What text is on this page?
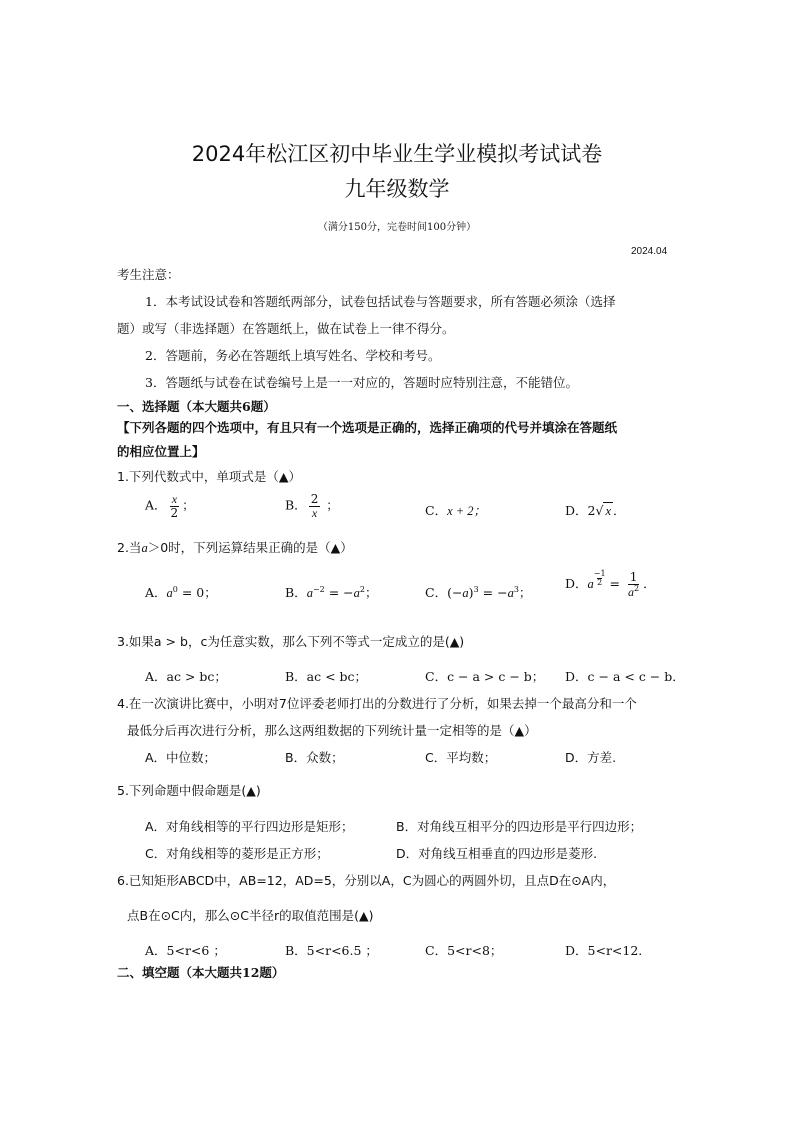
2024年松江区初中毕业生学业模拟考试试卷
九年级数学
（满分150分，完卷时间100分钟）
2024.04
考生注意：
1．本考试设试卷和答题纸两部分，试卷包括试卷与答题要求，所有答题必须涂（选择
题）或写（非选择题）在答题纸上，做在试卷上一律不得分。
2．答题前，务必在答题纸上填写姓名、学校和考号。
3．答题纸与试卷在试卷编号上是一一对应的，答题时应特别注意，不能错位。
一、选择题（本大题共6题）
【下列各题的四个选项中，有且只有一个选项是正确的，选择正确项的代号并填涂在答题纸
的相应位置上】
1.下列代数式中，单项式是（▲）
A． $\frac{x}{2}$ ；	B． $\frac{2}{x}$ ；	C．x + 2；	D．2√ x ．
2.当a＞0时，下列运算结果正确的是（▲）
A．$a^0 = 0$；	B．$a^{-2} = -a^2$；	C．$(-a)^3 = -a^3$；
D．a $^{\frac{-1}{2}} = \frac{1}{a^2}$ ．
3.如果a > b，c为任意实数，那么下列不等式一定成立的是(▲)
A．ac > bc；	B．ac < bc；	C．c − a > c − b； D．c − a < c − b．
4.在一次演讲比赛中，小明对7位评委老师打出的分数进行了分析，如果去掉一个最高分和一个
最低分后再次进行分析，那么这两组数据的下列统计量一定相等的是（▲）
A．中位数；	B．众数；	C．平均数；	D．方差.
5.下列命题中假命题是(▲)
A．对角线相等的平行四边形是矩形；	B．对角线互相平分的四边形是平行四边形；
C．对角线相等的菱形是正方形；	D．对角线互相垂直的四边形是菱形.
6.已知矩形ABCD中，AB=12，AD=5，分别以A，C为圆心的两圆外切，且点D在⊙A内，
点B在⊙C内，那么⊙C半径r的取值范围是(▲)
A．5<r<6 ；	B．5<r<6.5 ；	C．5<r<8；	D．5<r<12.
二、填空题（本大题共12题）
